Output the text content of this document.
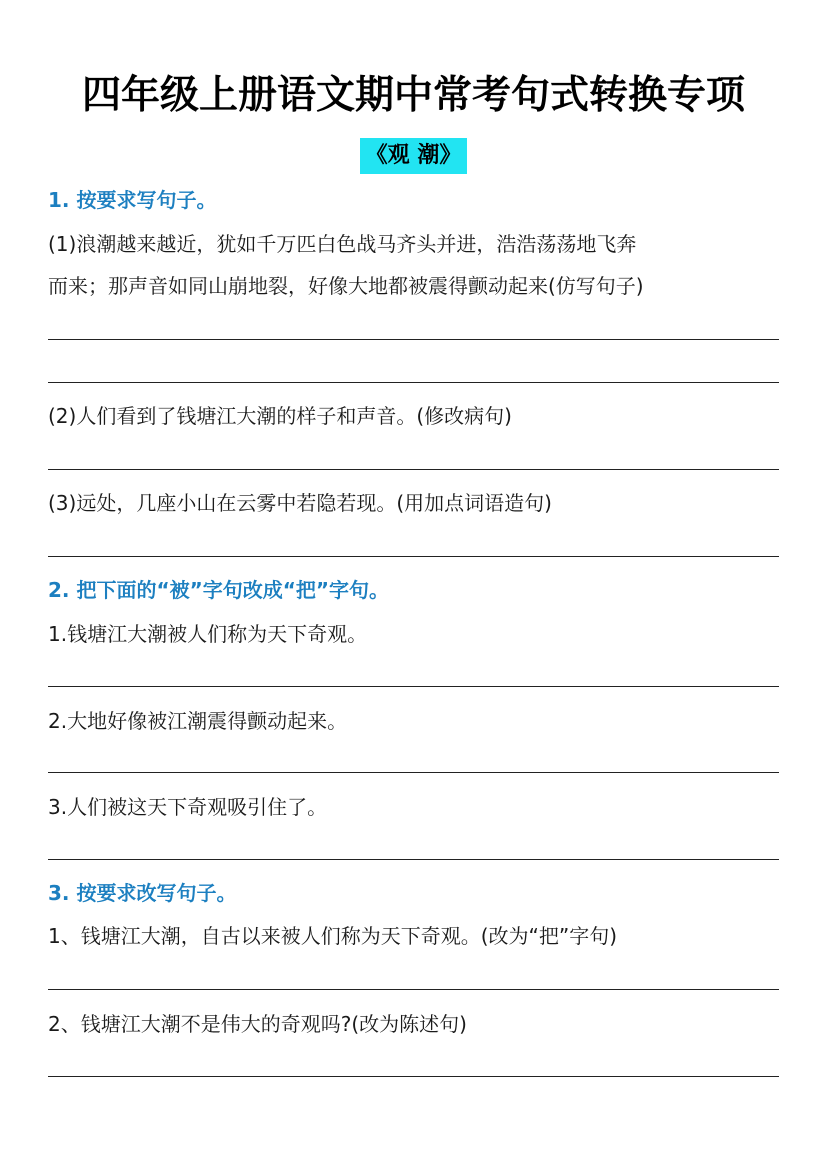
四年级上册语文期中常考句式转换专项
《观 潮》
1. 按要求写句子。
(1)浪潮越来越近，犹如千万匹白色战马齐头并进，浩浩荡荡地飞奔
而来；那声音如同山崩地裂，好像大地都被震得颤动起来(仿写句子)
(2)人们看到了钱塘江大潮的样子和声音。(修改病句)
(3)远处，几座小山在云雾中若隐若现。(用加点词语造句)
2. 把下面的“被”字句改成“把”字句。
1.钱塘江大潮被人们称为天下奇观。
2.大地好像被江潮震得颤动起来。
3.人们被这天下奇观吸引住了。
3. 按要求改写句子。
1、钱塘江大潮，自古以来被人们称为天下奇观。(改为“把”字句)
2、钱塘江大潮不是伟大的奇观吗?(改为陈述句)
